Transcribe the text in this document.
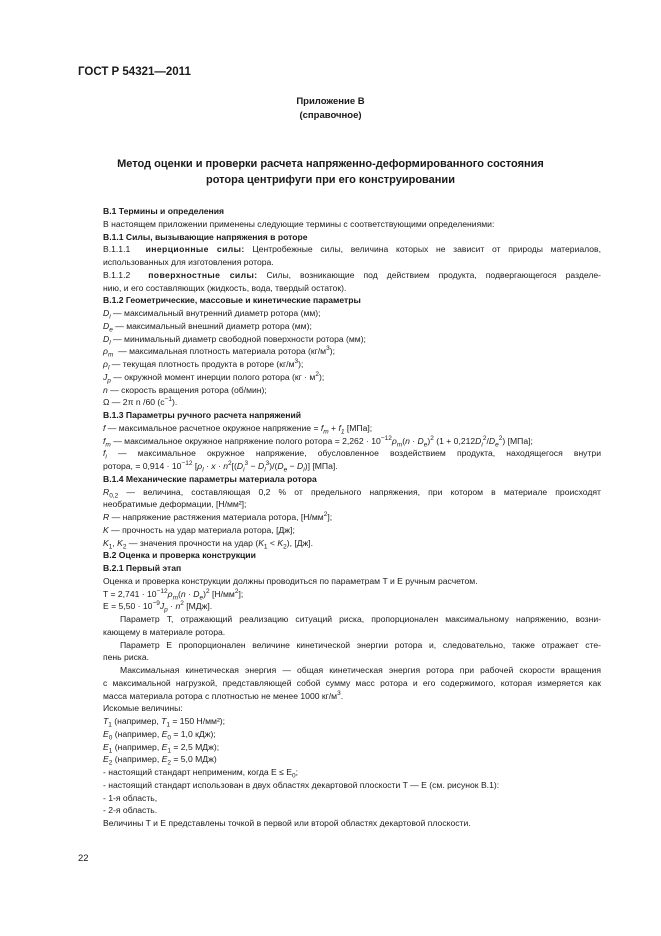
ГОСТ Р 54321—2011
Приложение В
(справочное)
Метод оценки и проверки расчета напряженно-деформированного состояния
ротора центрифуги при его конструировании

В.1 Термины и определения

В настоящем приложении применены следующие термины с соответствующими определениями:

В.1.1 Силы, вызывающие напряжения в роторе

В.1.1.1 инерционные силы: Центробежные силы, величина которых не зависит от природы материалов,

использованных для изготовления ротора.

В.1.1.2 поверхностные силы: Силы, возникающие под действием продукта, подвергающегося разделе-

нию, и его составляющих (жидкость, вода, твердый остаток).

В.1.2 Геометрические, массовые и кинетические параметры

$D_i$ — максимальный внутренний диаметр ротора (мм);

$D_e$ — максимальный внешний диаметр ротора (мм);

$D_l$ — минимальный диаметр свободной поверхности ротора (мм);

$\rho_m$  — максимальная плотность материала ротора $(кг/м^3)$;

$\rho_l$ — текущая плотность продукта в роторе $(кг/м^3)$;

$J_p$ — окружной момент инерции полого ротора $(кг \cdot м^2)$;

n — скорость вращения ротора (об/мин);

Ω — 2π n /60 $(с^{-1})$.

В.1.3 Параметры ручного расчета напряжений

f — максимальное расчетное окружное напряжение = $f_m + f_1$ [МПа];

$f_m$ — максимальное окружное напряжение полого ротора = $2,262 \cdot 10^{-12}\rho_m(n \cdot D_e)^2$ $(1 + 0,212D_i^2/D_e^2)$ [МПа];

$f_i$ — максимальное окружное напряжение, обусловленное воздействием продукта, находящегося внутри

ротора, = $0,914 \cdot 10^{-12}$ [$\rho_l \cdot x \cdot n^2[(D_i^3 - D_l^3)/(D_e - D_i)]$ [МПа].

В.1.4 Механические параметры материала ротора

$R_{0,2}$ — величина, составляющая 0,2 % от предельного напряжения, при котором в материале происходят

необратимые деформации, [Н/мм²];

R — напряжение растяжения материала ротора, $[Н/мм^2]$;

K — прочность на удар материала ротора, [Дж];

$K_1$, $K_2$ — значения прочности на удар $(K_1 < K_2)$, [Дж].

В.2 Оценка и проверка конструкции

В.2.1 Первый этап

Оценка и проверка конструкции должны проводиться по параметрам T и E ручным расчетом.

$T = 2,741 \cdot 10^{-12}\rho_m(n \cdot D_e)^2$ $[Н/мм^2]$;

$E = 5,50 \cdot 10^{-9}J_p \cdot n^2$ [МДж].

Параметр T, отражающий реализацию ситуаций риска, пропорционален максимальному напряжению, возни-

кающему в материале ротора.

Параметр E пропорционален величине кинетической энергии ротора и, следовательно, также отражает сте-

пень риска.

Максимальная кинетическая энергия — общая кинетическая энергия ротора при рабочей скорости вращения

с максимальной нагрузкой, представляющей собой сумму масс ротора и его содержимого, которая измеряется как

масса материала ротора с плотностью не менее 1000 $кг/м^3$.

Искомые величины:

$T_1$ (например, $T_1 = 150$ Н/мм²);

$E_0$ (например, $E_0 = 1,0$ кДж);

$E_1$ (например, $E_1 = 2,5$ МДж);

$E_2$ (например, $E_2 = 5,0$ МДж)

- настоящий стандарт неприменим, когда $E \le E_0$;

- настоящий стандарт использован в двух областях декартовой плоскости T — E (см. рисунок В.1):

- 1-я область,

- 2-я область.

Величины T и E представлены точкой в первой или второй областях декартовой плоскости.

22
